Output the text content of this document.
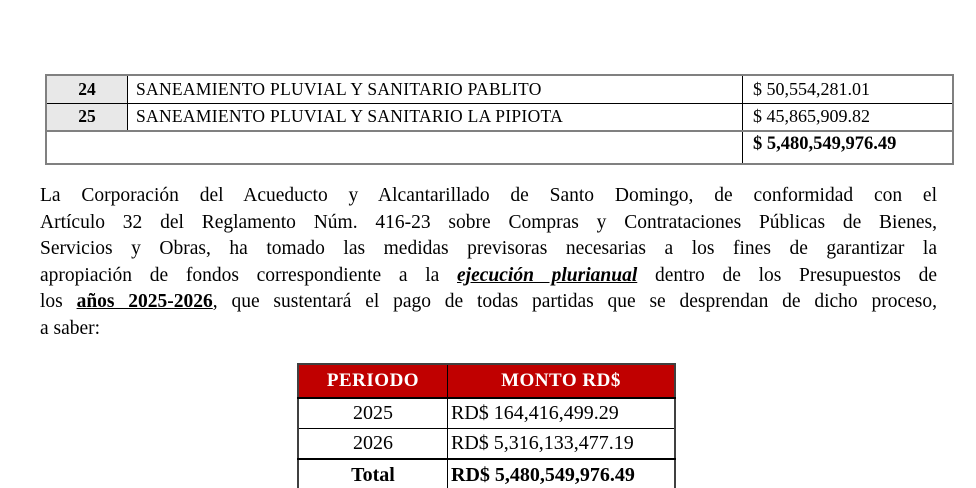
24	SANEAMIENTO PLUVIAL Y SANITARIO PABLITO	$ 50,554,281.01
25	SANEAMIENTO PLUVIAL Y SANITARIO LA PIPIOTA	$ 45,865,909.82
		$ 5,480,549,976.49
La Corporación del Acueducto y Alcantarillado de Santo Domingo, de conformidad con el
Artículo 32 del Reglamento Núm. 416-23 sobre Compras y Contrataciones Públicas de Bienes,
Servicios y Obras, ha tomado las medidas previsoras necesarias a los fines de garantizar la
apropiación de fondos correspondiente a la ejecución plurianual dentro de los Presupuestos de
los años 2025-2026, que sustentará el pago de todas partidas que se desprendan de dicho proceso,
a saber:
PERIODO	MONTO RD$
2025	RD$ 164,416,499.29
2026	RD$ 5,316,133,477.19
Total	RD$ 5,480,549,976.49
